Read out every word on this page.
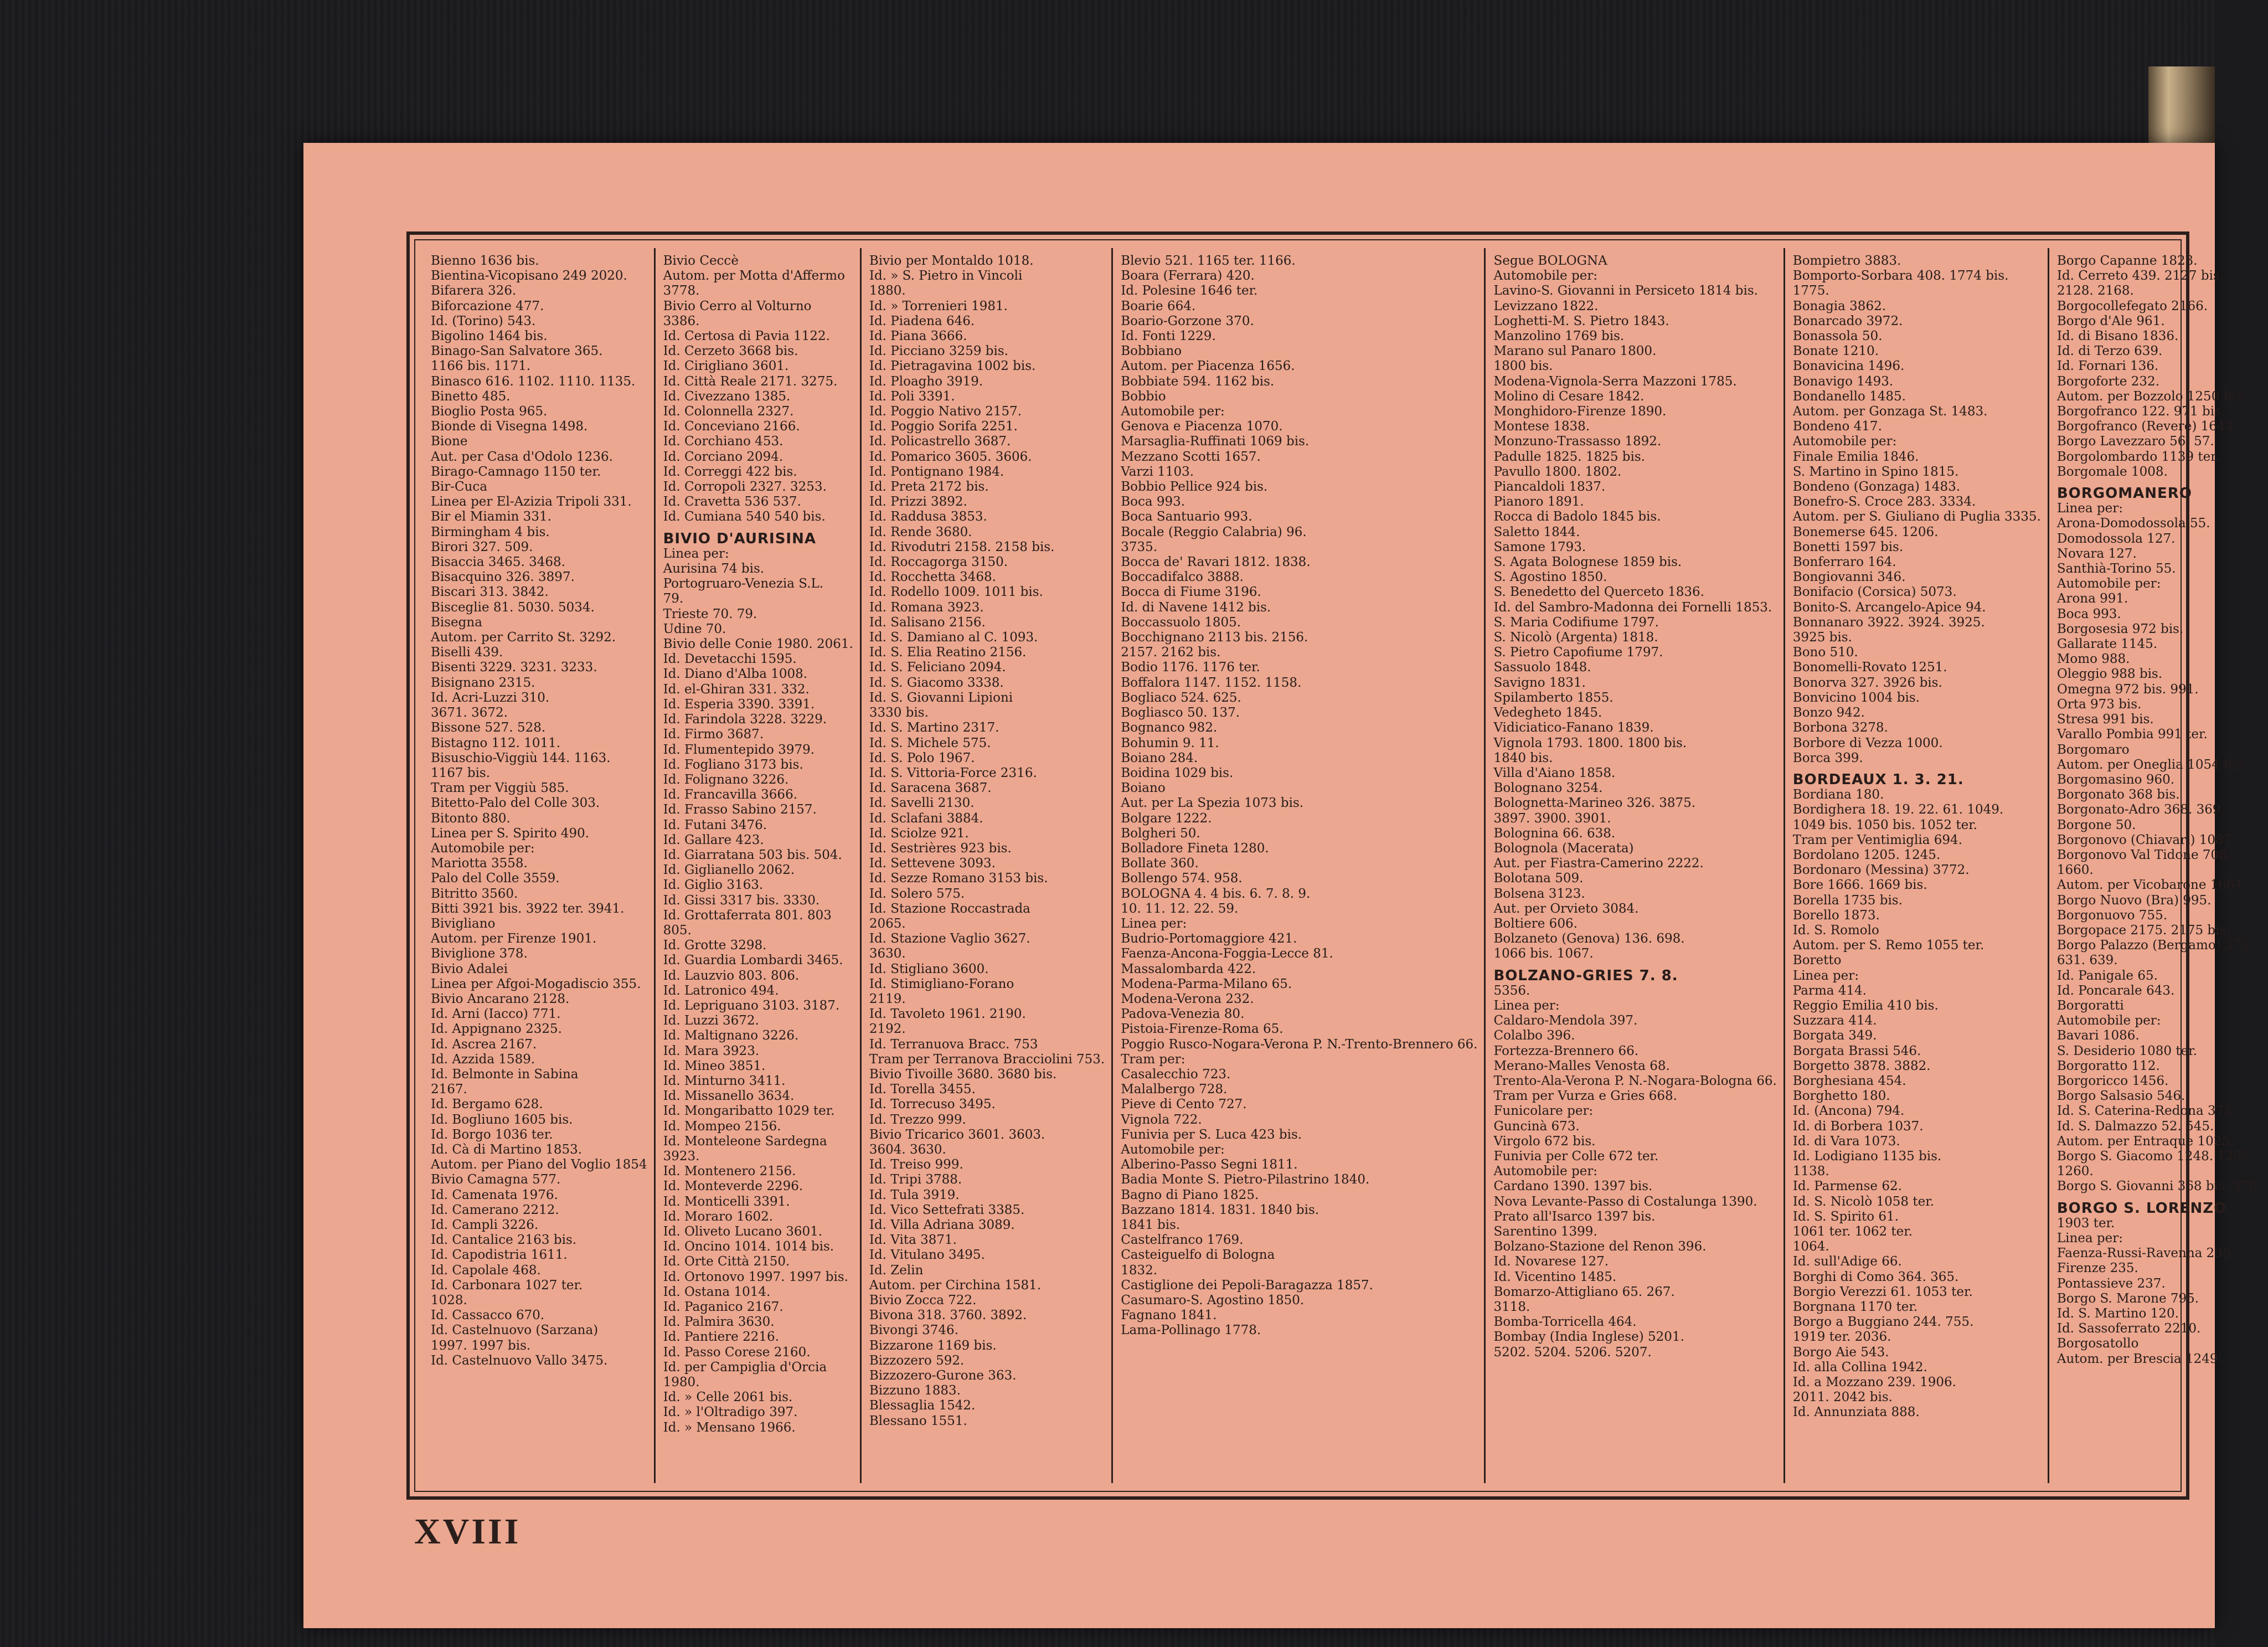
Bienno 1636 bis.
Bientina-Vicopisano 249 2020.
Bifarera 326.
Biforcazione 477.
Id. (Torino) 543.
Bigolino 1464 bis.
Binago-San Salvatore 365.
1166 bis. 1171.
Binasco 616. 1102. 1110. 1135.
Binetto 485.
Bioglio Posta 965.
Bionde di Visegna 1498.
Bione
Aut. per Casa d'Odolo 1236.
Birago-Camnago 1150 ter.
Bir-Cuca
Linea per El-Azizia Tripoli 331.
Bir el Miamin 331.
Birmingham 4 bis.
Birori 327. 509.
Bisaccia 3465. 3468.
Bisacquino 326. 3897.
Biscari 313. 3842.
Bisceglie 81. 5030. 5034.
Bisegna
Autom. per Carrito St. 3292.
Biselli 439.
Bisenti 3229. 3231. 3233.
Bisignano 2315.
Id. Acri-Luzzi 310.
3671. 3672.
Bissone 527. 528.
Bistagno 112. 1011.
Bisuschio-Viggiù 144. 1163.
1167 bis.
Tram per Viggiù 585.
Bitetto-Palo del Colle 303.
Bitonto 880.
Linea per S. Spirito 490.
Automobile per:
Mariotta 3558.
Palo del Colle 3559.
Bitritto 3560.
Bitti 3921 bis. 3922 ter. 3941.
Bivigliano
Autom. per Firenze 1901.
Biviglione 378.
Bivio Adalei
Linea per Afgoi-Mogadiscio 355.
Bivio Ancarano 2128.
Id. Arni (Iacco) 771.
Id. Appignano 2325.
Id. Ascrea 2167.
Id. Azzida 1589.
Id. Belmonte in Sabina
2167.
Id. Bergamo 628.
Id. Bogliuno 1605 bis.
Id. Borgo 1036 ter.
Id. Cà di Martino 1853.
Autom. per Piano del Voglio 1854
Bivio Camagna 577.
Id. Camenata 1976.
Id. Camerano 2212.
Id. Campli 3226.
Id. Cantalice 2163 bis.
Id. Capodistria 1611.
Id. Capolale 468.
Id. Carbonara 1027 ter.
1028.
Id. Cassacco 670.
Id. Castelnuovo (Sarzana)
1997. 1997 bis.
Id. Castelnuovo Vallo 3475.
Bivio Ceccè
Autom. per Motta d'Affermo
3778.
Bivio Cerro al Volturno
3386.
Id. Certosa di Pavia 1122.
Id. Cerzeto 3668 bis.
Id. Cirigliano 3601.
Id. Città Reale 2171. 3275.
Id. Civezzano 1385.
Id. Colonnella 2327.
Id. Conceviano 2166.
Id. Corchiano 453.
Id. Corciano 2094.
Id. Correggi 422 bis.
Id. Corropoli 2327. 3253.
Id. Cravetta 536 537.
Id. Cumiana 540 540 bis.
BIVIO D'AURISINA
Linea per:
Aurisina 74 bis.
Portogruaro-Venezia S.L.
79.
Trieste 70. 79.
Udine 70.
Bivio delle Conie 1980. 2061.
Id. Devetacchi 1595.
Id. Diano d'Alba 1008.
Id. el-Ghiran 331. 332.
Id. Esperia 3390. 3391.
Id. Farindola 3228. 3229.
Id. Firmo 3687.
Id. Flumentepido 3979.
Id. Fogliano 3173 bis.
Id. Folignano 3226.
Id. Francavilla 3666.
Id. Frasso Sabino 2157.
Id. Futani 3476.
Id. Gallare 423.
Id. Giarratana 503 bis. 504.
Id. Giglianello 2062.
Id. Giglio 3163.
Id. Gissi 3317 bis. 3330.
Id. Grottaferrata 801. 803
805.
Id. Grotte 3298.
Id. Guardia Lombardi 3465.
Id. Lauzvio 803. 806.
Id. Latronico 494.
Id. Lepriguano 3103. 3187.
Id. Luzzi 3672.
Id. Maltignano 3226.
Id. Mara 3923.
Id. Mineo 3851.
Id. Minturno 3411.
Id. Missanello 3634.
Id. Mongaribatto 1029 ter.
Id. Mompeo 2156.
Id. Monteleone Sardegna
3923.
Id. Montenero 2156.
Id. Monteverde 2296.
Id. Monticelli 3391.
Id. Moraro 1602.
Id. Oliveto Lucano 3601.
Id. Oncino 1014. 1014 bis.
Id. Orte Città 2150.
Id. Ortonovo 1997. 1997 bis.
Id. Ostana 1014.
Id. Paganico 2167.
Id. Palmira 3630.
Id. Pantiere 2216.
Id. Passo Corese 2160.
Id. per Campiglia d'Orcia
1980.
Id. » Celle 2061 bis.
Id. » l'Oltradigo 397.
Id. » Mensano 1966.
Bivio per Montaldo 1018.
Id. » S. Pietro in Vincoli
1880.
Id. » Torrenieri 1981.
Id. Piadena 646.
Id. Piana 3666.
Id. Picciano 3259 bis.
Id. Pietragavina 1002 bis.
Id. Ploagho 3919.
Id. Poli 3391.
Id. Poggio Nativo 2157.
Id. Poggio Sorifa 2251.
Id. Policastrello 3687.
Id. Pomarico 3605. 3606.
Id. Pontignano 1984.
Id. Preta 2172 bis.
Id. Prizzi 3892.
Id. Raddusa 3853.
Id. Rende 3680.
Id. Rivodutri 2158. 2158 bis.
Id. Roccagorga 3150.
Id. Rocchetta 3468.
Id. Rodello 1009. 1011 bis.
Id. Romana 3923.
Id. Salisano 2156.
Id. S. Damiano al C. 1093.
Id. S. Elia Reatino 2156.
Id. S. Feliciano 2094.
Id. S. Giacomo 3338.
Id. S. Giovanni Lipioni
3330 bis.
Id. S. Martino 2317.
Id. S. Michele 575.
Id. S. Polo 1967.
Id. S. Vittoria-Force 2316.
Id. Saracena 3687.
Id. Savelli 2130.
Id. Sclafani 3884.
Id. Sciolze 921.
Id. Sestrières 923 bis.
Id. Settevene 3093.
Id. Sezze Romano 3153 bis.
Id. Solero 575.
Id. Stazione Roccastrada
2065.
Id. Stazione Vaglio 3627.
3630.
Id. Stigliano 3600.
Id. Stimigliano-Forano
2119.
Id. Tavoleto 1961. 2190.
2192.
Id. Terranuova Bracc. 753
Tram per Terranova Bracciolini 753.
Bivio Tivoille 3680. 3680 bis.
Id. Torella 3455.
Id. Torrecuso 3495.
Id. Trezzo 999.
Bivio Tricarico 3601. 3603.
3604. 3630.
Id. Treiso 999.
Id. Tripi 3788.
Id. Tula 3919.
Id. Vico Settefrati 3385.
Id. Villa Adriana 3089.
Id. Vita 3871.
Id. Vitulano 3495.
Id. Zelin
Autom. per Circhina 1581.
Bivio Zocca 722.
Bivona 318. 3760. 3892.
Bivongi 3746.
Bizzarone 1169 bis.
Bizzozero 592.
Bizzozero-Gurone 363.
Bizzuno 1883.
Blessaglia 1542.
Blessano 1551.
Blevio 521. 1165 ter. 1166.
Boara (Ferrara) 420.
Id. Polesine 1646 ter.
Boarie 664.
Boario-Gorzone 370.
Id. Fonti 1229.
Bobbiano
Autom. per Piacenza 1656.
Bobbiate 594. 1162 bis.
Bobbio
Automobile per:
Genova e Piacenza 1070.
Marsaglia-Ruffinati 1069 bis.
Mezzano Scotti 1657.
Varzi 1103.
Bobbio Pellice 924 bis.
Boca 993.
Boca Santuario 993.
Bocale (Reggio Calabria) 96.
3735.
Bocca de' Ravari 1812. 1838.
Boccadifalco 3888.
Bocca di Fiume 3196.
Id. di Navene 1412 bis.
Boccassuolo 1805.
Bocchignano 2113 bis. 2156.
2157. 2162 bis.
Bodio 1176. 1176 ter.
Boffalora 1147. 1152. 1158.
Bogliaco 524. 625.
Bogliasco 50. 137.
Bognanco 982.
Bohumin 9. 11.
Boiano 284.
Boidina 1029 bis.
Boiano
Aut. per La Spezia 1073 bis.
Bolgare 1222.
Bolgheri 50.
Bolladore Fineta 1280.
Bollate 360.
Bollengo 574. 958.
BOLOGNA 4. 4 bis. 6. 7. 8. 9.
10. 11. 12. 22. 59.
Linea per:
Budrio-Portomaggiore 421.
Faenza-Ancona-Foggia-Lecce 81.
Massalombarda 422.
Modena-Parma-Milano 65.
Modena-Verona 232.
Padova-Venezia 80.
Pistoia-Firenze-Roma 65.
Poggio Rusco-Nogara-Verona P. N.-Trento-Brennero 66.
Tram per:
Casalecchio 723.
Malalbergo 728.
Pieve di Cento 727.
Vignola 722.
Funivia per S. Luca 423 bis.
Automobile per:
Alberino-Passo Segni 1811.
Badia Monte S. Pietro-Pilastrino 1840.
Bagno di Piano 1825.
Bazzano 1814. 1831. 1840 bis.
1841 bis.
Castelfranco 1769.
Casteiguelfo di Bologna
1832.
Castiglione dei Pepoli-Baragazza 1857.
Casumaro-S. Agostino 1850.
Fagnano 1841.
Lama-Pollinago 1778.
Segue BOLOGNA
Automobile per:
Lavino-S. Giovanni in Persiceto 1814 bis.
Levizzano 1822.
Loghetti-M. S. Pietro 1843.
Manzolino 1769 bis.
Marano sul Panaro 1800.
1800 bis.
Modena-Vignola-Serra Mazzoni 1785.
Molino di Cesare 1842.
Monghidoro-Firenze 1890.
Montese 1838.
Monzuno-Trassasso 1892.
Padulle 1825. 1825 bis.
Pavullo 1800. 1802.
Piancaldoli 1837.
Pianoro 1891.
Rocca di Badolo 1845 bis.
Saletto 1844.
Samone 1793.
S. Agata Bolognese 1859 bis.
S. Agostino 1850.
S. Benedetto del Querceto 1836.
Id. del Sambro-Madonna dei Fornelli 1853.
S. Maria Codifiume 1797.
S. Nicolò (Argenta) 1818.
S. Pietro Capofiume 1797.
Sassuolo 1848.
Savigno 1831.
Spilamberto 1855.
Vedegheto 1845.
Vidiciatico-Fanano 1839.
Vignola 1793. 1800. 1800 bis.
1840 bis.
Villa d'Aiano 1858.
Bolognano 3254.
Bolognetta-Marineo 326. 3875.
3897. 3900. 3901.
Bolognina 66. 638.
Bolognola (Macerata)
Aut. per Fiastra-Camerino 2222.
Bolotana 509.
Bolsena 3123.
Aut. per Orvieto 3084.
Boltiere 606.
Bolzaneto (Genova) 136. 698.
1066 bis. 1067.
BOLZANO-GRIES 7. 8.
5356.
Linea per:
Caldaro-Mendola 397.
Colalbo 396.
Fortezza-Brennero 66.
Merano-Malles Venosta 68.
Trento-Ala-Verona P. N.-Nogara-Bologna 66.
Tram per Vurza e Gries 668.
Funicolare per:
Guncinà 673.
Virgolo 672 bis.
Funivia per Colle 672 ter.
Automobile per:
Cardano 1390. 1397 bis.
Nova Levante-Passo di Costalunga 1390.
Prato all'Isarco 1397 bis.
Sarentino 1399.
Bolzano-Stazione del Renon 396.
Id. Novarese 127.
Id. Vicentino 1485.
Bomarzo-Attigliano 65. 267.
3118.
Bomba-Torricella 464.
Bombay (India Inglese) 5201.
5202. 5204. 5206. 5207.
Bompietro 3883.
Bomporto-Sorbara 408. 1774 bis.
1775.
Bonagia 3862.
Bonarcado 3972.
Bonassola 50.
Bonate 1210.
Bonavicina 1496.
Bonavigo 1493.
Bondanello 1485.
Autom. per Gonzaga St. 1483.
Bondeno 417.
Automobile per:
Finale Emilia 1846.
S. Martino in Spino 1815.
Bondeno (Gonzaga) 1483.
Bonefro-S. Croce 283. 3334.
Autom. per S. Giuliano di Puglia 3335.
Bonemerse 645. 1206.
Bonetti 1597 bis.
Bonferraro 164.
Bongiovanni 346.
Bonifacio (Corsica) 5073.
Bonito-S. Arcangelo-Apice 94.
Bonnanaro 3922. 3924. 3925.
3925 bis.
Bono 510.
Bonomelli-Rovato 1251.
Bonorva 327. 3926 bis.
Bonvicino 1004 bis.
Bonzo 942.
Borbona 3278.
Borbore di Vezza 1000.
Borca 399.
BORDEAUX 1. 3. 21.
Bordiana 180.
Bordighera 18. 19. 22. 61. 1049.
1049 bis. 1050 bis. 1052 ter.
Tram per Ventimiglia 694.
Bordolano 1205. 1245.
Bordonaro (Messina) 3772.
Bore 1666. 1669 bis.
Borella 1735 bis.
Borello 1873.
Id. S. Romolo
Autom. per S. Remo 1055 ter.
Boretto
Linea per:
Parma 414.
Reggio Emilia 410 bis.
Suzzara 414.
Borgata 349.
Borgata Brassi 546.
Borgetto 3878. 3882.
Borghesiana 454.
Borghetto 180.
Id. (Ancona) 794.
Id. di Borbera 1037.
Id. di Vara 1073.
Id. Lodigiano 1135 bis.
1138.
Id. Parmense 62.
Id. S. Nicolò 1058 ter.
Id. S. Spirito 61.
1061 ter. 1062 ter.
1064.
Id. sull'Adige 66.
Borghi di Como 364. 365.
Borgio Verezzi 61. 1053 ter.
Borgnana 1170 ter.
Borgo a Buggiano 244. 755.
1919 ter. 2036.
Borgo Aie 543.
Id. alla Collina 1942.
Id. a Mozzano 239. 1906.
2011. 2042 bis.
Id. Annunziata 888.
Borgo Capanne 1823.
Id. Cerreto 439. 2127 bis.
2128. 2168.
Borgocollefegato 2166.
Borgo d'Ale 961.
Id. di Bisano 1836.
Id. di Terzo 639.
Id. Fornari 136.
Borgoforte 232.
Autom. per Bozzolo 1250 bis.
Borgofranco 122. 971 bis.
Borgofranco (Revere) 1644.
Borgo Lavezzaro 56. 57.
Borgolombardo 1139 ter.
Borgomale 1008.
BORGOMANERO
Linea per:
Arona-Domodossola 55.
Domodossola 127.
Novara 127.
Santhià-Torino 55.
Automobile per:
Arona 991.
Boca 993.
Borgosesia 972 bis.
Gallarate 1145.
Momo 988.
Oleggio 988 bis.
Omegna 972 bis. 991.
Orta 973 bis.
Stresa 991 bis.
Varallo Pombia 991 ter.
Borgomaro
Autom. per Oneglia 1054 bis.
Borgomasino 960.
Borgonato 368 bis.
Borgonato-Adro 368. 369.
Borgone 50.
Borgonovo (Chiavari) 1087.
Borgonovo Val Tidone 708.
1660.
Autom. per Vicobarone 1664.
Borgo Nuovo (Bra) 995.
Borgonuovo 755.
Borgopace 2175. 2175 bis.
Borgo Palazzo (Bergamo) 373.
631. 639.
Id. Panigale 65.
Id. Poncarale 643.
Borgoratti
Automobile per:
Bavari 1086.
S. Desiderio 1080 ter.
Borgoratto 112.
Borgoricco 1456.
Borgo Salsasio 546.
Id. S. Caterina-Redona 373.
Id. S. Dalmazzo 52. 545.
Autom. per Entraque 1025.
Borgo S. Giacomo 1248. 1255.
1260.
Borgo S. Giovanni 368 bis. 370.
BORGO S. LORENZO
1903 ter.
Linea per:
Faenza-Russi-Ravenna 235.
Firenze 235.
Pontassieve 237.
Borgo S. Marone 795.
Id. S. Martino 120.
Id. Sassoferrato 2210.
Borgosatollo
Autom. per Brescia 1249.
XVIII
